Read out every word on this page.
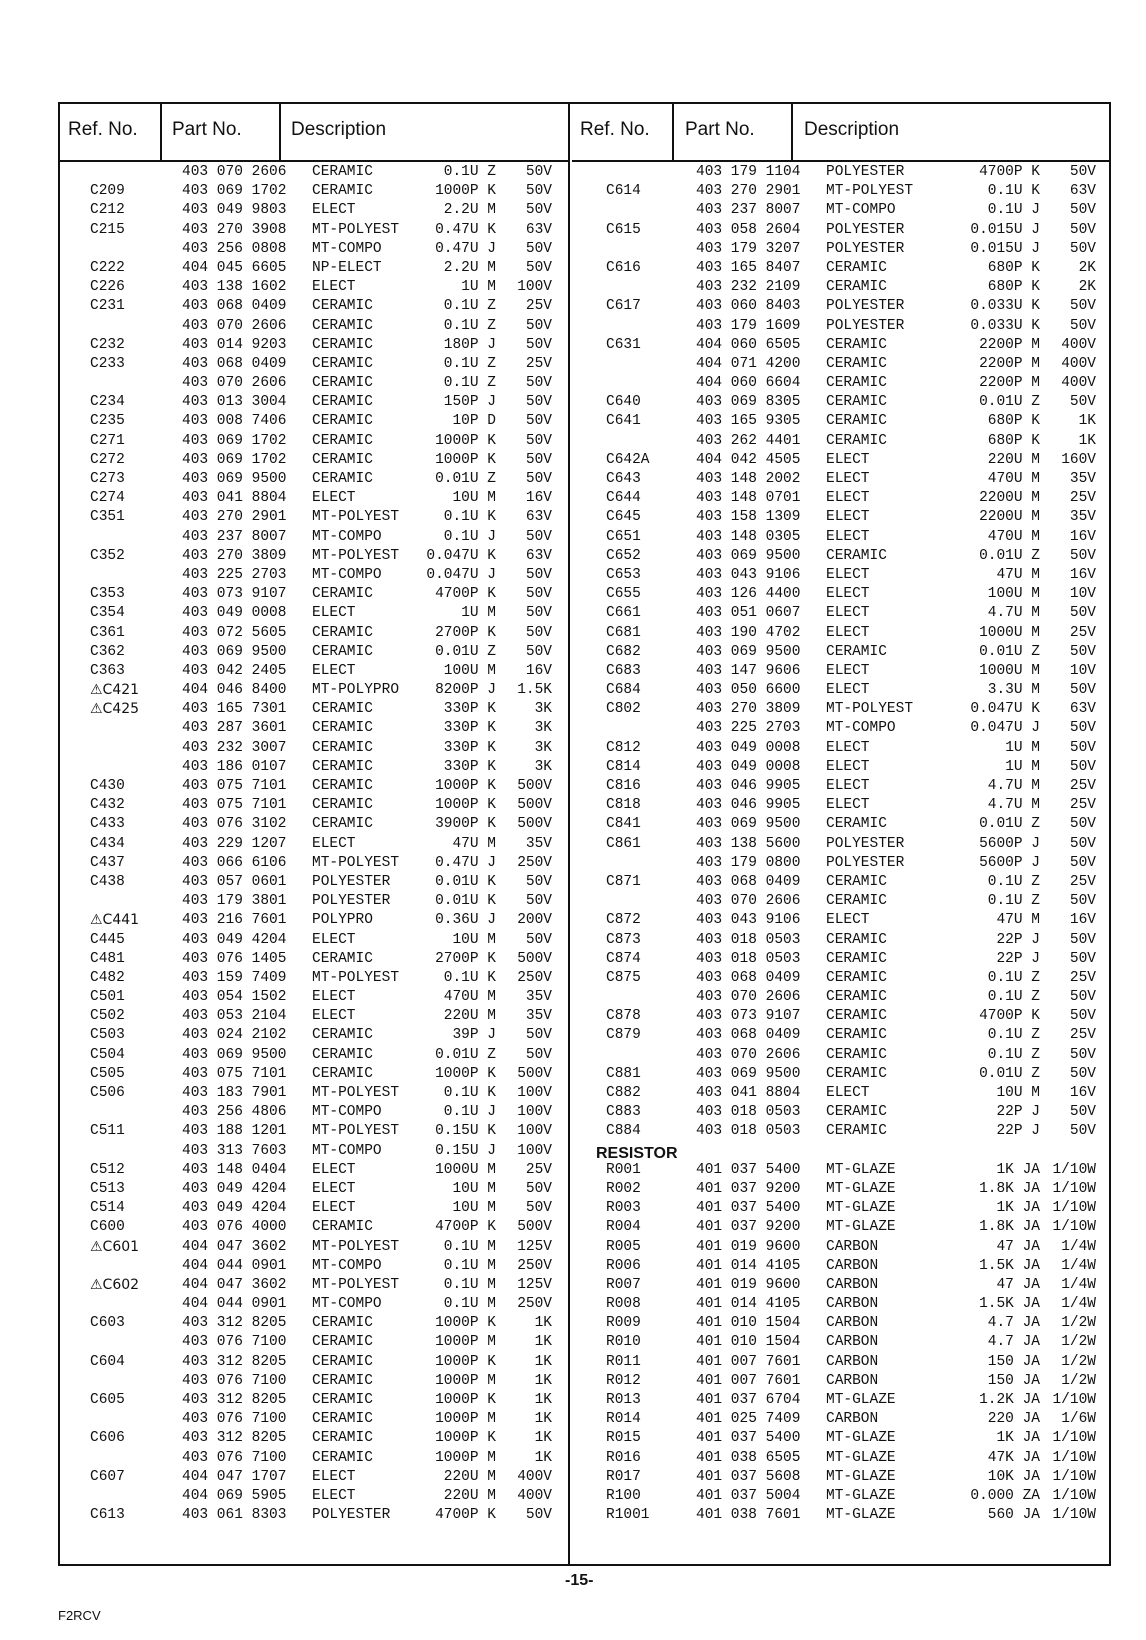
Ref. No. Part No.	Description	Ref. No. Part No.	Description
403 070 2606 CERAMIC	0.1U Z 50V
C209	403 069 1702 CERAMIC	1000P K 50V
C212	403 049 9803 ELECT	2.2U M 50V
C215	403 270 3908 MT-POLYEST 0.47U K 63V
403 256 0808 MT-COMPO	0.47U J 50V
C222	404 045 6605 NP-ELECT	2.2U M 50V
C226	403 138 1602 ELECT	1U M 100V
C231	403 068 0409 CERAMIC	0.1U Z 25V
403 070 2606 CERAMIC	0.1U Z 50V
C232	403 014 9203 CERAMIC	180P J 50V
C233	403 068 0409 CERAMIC	0.1U Z 25V
403 070 2606 CERAMIC	0.1U Z 50V
C234	403 013 3004 CERAMIC	150P J 50V
C235	403 008 7406 CERAMIC	10P D 50V
C271	403 069 1702 CERAMIC	1000P K 50V
C272	403 069 1702 CERAMIC	1000P K 50V
C273	403 069 9500 CERAMIC	0.01U Z 50V
C274	403 041 8804 ELECT	10U M 16V
C351	403 270 2901 MT-POLYEST	0.1U K 63V
403 237 8007 MT-COMPO	0.1U J 50V
C352	403 270 3809 MT-POLYEST 0.047U K 63V
403 225 2703 MT-COMPO	0.047U J 50V
C353	403 073 9107 CERAMIC	4700P K 50V
C354	403 049 0008 ELECT	1U M 50V
C361	403 072 5605 CERAMIC	2700P K 50V
C362	403 069 9500 CERAMIC	0.01U Z 50V
C363	403 042 2405 ELECT	100U M 16V
⚠C421	404 046 8400 MT-POLYPRO 8200P J 1.5K
⚠C425	403 165 7301 CERAMIC	330P K	3K
403 287 3601 CERAMIC	330P K	3K
403 232 3007 CERAMIC	330P K	3K
403 186 0107 CERAMIC	330P K	3K
C430	403 075 7101 CERAMIC	1000P K 500V
C432	403 075 7101 CERAMIC	1000P K 500V
C433	403 076 3102 CERAMIC	3900P K 500V
C434	403 229 1207 ELECT	47U M 35V
C437	403 066 6106 MT-POLYEST 0.47U J 250V
C438	403 057 0601 POLYESTER	0.01U K 50V
403 179 3801 POLYESTER	0.01U K 50V
⚠C441	403 216 7601 POLYPRO	0.36U J 200V
C445	403 049 4204 ELECT	10U M 50V
C481	403 076 1405 CERAMIC	2700P K 500V
C482	403 159 7409 MT-POLYEST	0.1U K 250V
C501	403 054 1502 ELECT	470U M 35V
C502	403 053 2104 ELECT	220U M 35V
C503	403 024 2102 CERAMIC	39P J 50V
C504	403 069 9500 CERAMIC	0.01U Z 50V
C505	403 075 7101 CERAMIC	1000P K 500V
C506	403 183 7901 MT-POLYEST	0.1U K 100V
403 256 4806 MT-COMPO	0.1U J 100V
C511	403 188 1201 MT-POLYEST 0.15U K 100V
403 313 7603 MT-COMPO	0.15U J 100V
C512	403 148 0404 ELECT	1000U M 25V
C513	403 049 4204 ELECT	10U M 50V
C514	403 049 4204 ELECT	10U M 50V
C600	403 076 4000 CERAMIC	4700P K 500V
⚠C601	404 047 3602 MT-POLYEST	0.1U M 125V
404 044 0901 MT-COMPO	0.1U M 250V
⚠C602	404 047 3602 MT-POLYEST	0.1U M 125V
404 044 0901 MT-COMPO	0.1U M 250V
C603	403 312 8205 CERAMIC	1000P K	1K
403 076 7100 CERAMIC	1000P M	1K
C604	403 312 8205 CERAMIC	1000P K	1K
403 076 7100 CERAMIC	1000P M	1K
C605	403 312 8205 CERAMIC	1000P K	1K
403 076 7100 CERAMIC	1000P M	1K
C606	403 312 8205 CERAMIC	1000P K	1K
403 076 7100 CERAMIC	1000P M	1K
C607	404 047 1707 ELECT	220U M 400V
404 069 5905 ELECT	220U M 400V
C613	403 061 8303 POLYESTER	4700P K 50V
403 179 1104 POLYESTER	4700P K 50V
C614	403 270 2901 MT-POLYEST	0.1U K 63V
403 237 8007 MT-COMPO	0.1U J 50V
C615	403 058 2604 POLYESTER	0.015U J 50V
403 179 3207 POLYESTER	0.015U J 50V
C616	403 165 8407 CERAMIC	680P K	2K
403 232 2109 CERAMIC	680P K	2K
C617	403 060 8403 POLYESTER	0.033U K 50V
403 179 1609 POLYESTER	0.033U K 50V
C631	404 060 6505 CERAMIC	2200P M 400V
404 071 4200 CERAMIC	2200P M 400V
404 060 6604 CERAMIC	2200P M 400V
C640	403 069 8305 CERAMIC	0.01U Z 50V
C641	403 165 9305 CERAMIC	680P K	1K
403 262 4401 CERAMIC	680P K	1K
C642A	404 042 4505 ELECT	220U M 160V
C643	403 148 2002 ELECT	470U M 35V
C644	403 148 0701 ELECT	2200U M 25V
C645	403 158 1309 ELECT	2200U M 35V
C651	403 148 0305 ELECT	470U M 16V
C652	403 069 9500 CERAMIC	0.01U Z 50V
C653	403 043 9106 ELECT	47U M 16V
C655	403 126 4400 ELECT	100U M 10V
C661	403 051 0607 ELECT	4.7U M 50V
C681	403 190 4702 ELECT	1000U M 25V
C682	403 069 9500 CERAMIC	0.01U Z 50V
C683	403 147 9606 ELECT	1000U M 10V
C684	403 050 6600 ELECT	3.3U M 50V
C802	403 270 3809 MT-POLYEST	0.047U K 63V
403 225 2703 MT-COMPO	0.047U J 50V
C812	403 049 0008 ELECT	1U M 50V
C814	403 049 0008 ELECT	1U M 50V
C816	403 046 9905 ELECT	4.7U M 25V
C818	403 046 9905 ELECT	4.7U M 25V
C841	403 069 9500 CERAMIC	0.01U Z 50V
C861	403 138 5600 POLYESTER	5600P J 50V
403 179 0800 POLYESTER	5600P J 50V
C871	403 068 0409 CERAMIC	0.1U Z 25V
403 070 2606 CERAMIC	0.1U Z 50V
C872	403 043 9106 ELECT	47U M 16V
C873	403 018 0503 CERAMIC	22P J 50V
C874	403 018 0503 CERAMIC	22P J 50V
C875	403 068 0409 CERAMIC	0.1U Z 25V
403 070 2606 CERAMIC	0.1U Z 50V
C878	403 073 9107 CERAMIC	4700P K 50V
C879	403 068 0409 CERAMIC	0.1U Z 25V
403 070 2606 CERAMIC	0.1U Z 50V
C881	403 069 9500 CERAMIC	0.01U Z 50V
C882	403 041 8804 ELECT	10U M 16V
C883	403 018 0503 CERAMIC	22P J 50V
C884	403 018 0503 CERAMIC	22P J 50V
RESISTOR
R001	401 037 5400 MT-GLAZE	1K JA 1/10W
R002	401 037 9200 MT-GLAZE	1.8K JA 1/10W
R003	401 037 5400 MT-GLAZE	1K JA 1/10W
R004	401 037 9200 MT-GLAZE	1.8K JA 1/10W
R005	401 019 9600 CARBON	47 JA 1/4W
R006	401 014 4105 CARBON	1.5K JA 1/4W
R007	401 019 9600 CARBON	47 JA 1/4W
R008	401 014 4105 CARBON	1.5K JA 1/4W
R009	401 010 1504 CARBON	4.7 JA 1/2W
R010	401 010 1504 CARBON	4.7 JA 1/2W
R011	401 007 7601 CARBON	150 JA 1/2W
R012	401 007 7601 CARBON	150 JA 1/2W
R013	401 037 6704 MT-GLAZE	1.2K JA 1/10W
R014	401 025 7409 CARBON	220 JA 1/6W
R015	401 037 5400 MT-GLAZE	1K JA 1/10W
R016	401 038 6505 MT-GLAZE	47K JA 1/10W
R017	401 037 5608 MT-GLAZE	10K JA 1/10W
R100	401 037 5004 MT-GLAZE	0.000 ZA 1/10W
R1001	401 038 7601 MT-GLAZE	560 JA 1/10W
-15-
F2RCV
